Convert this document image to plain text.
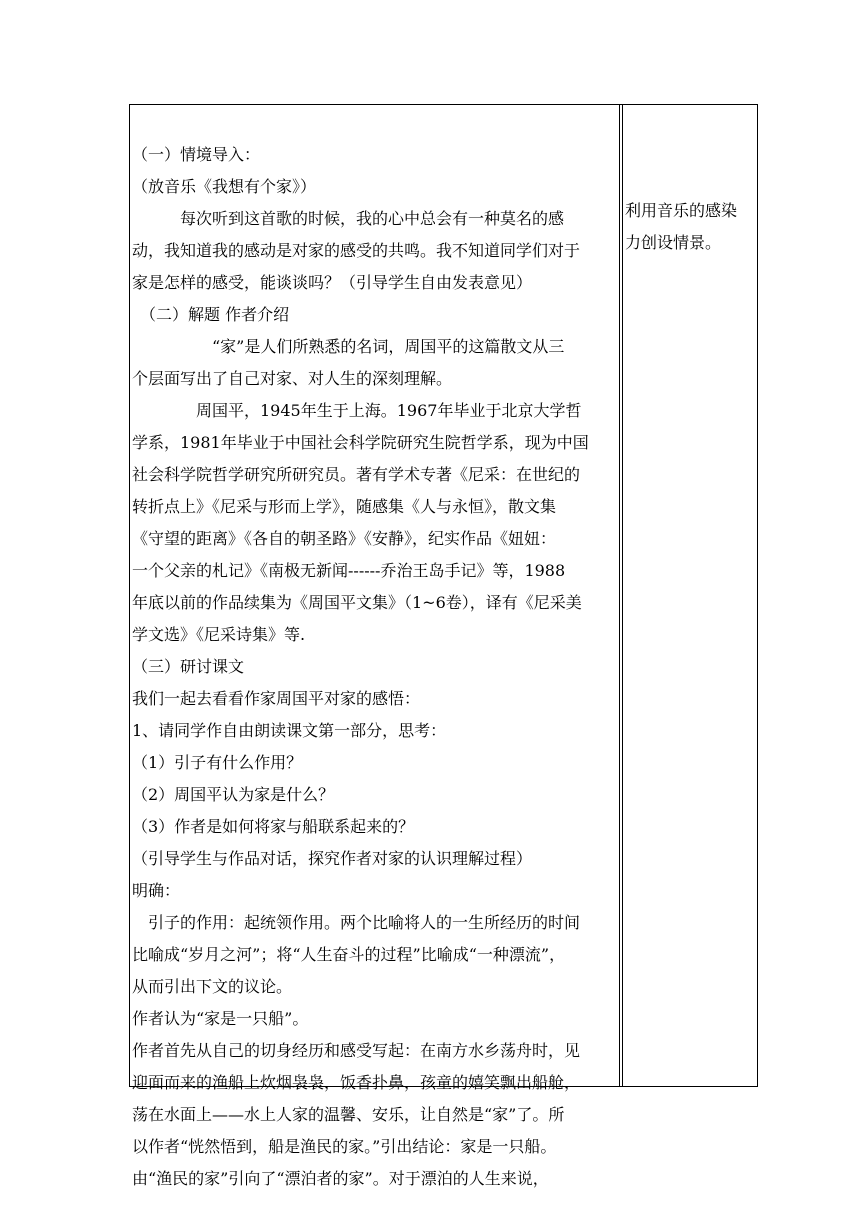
（一）情境导入：
（放音乐《我想有个家》）
　　　每次听到这首歌的时候，我的心中总会有一种莫名的感
动，我知道我的感动是对家的感受的共鸣。我不知道同学们对于
家是怎样的感受，能谈谈吗？（引导学生自由发表意见）
　（二）解题 作者介绍
　　　　　“家”是人们所熟悉的名词，周国平的这篇散文从三
个层面写出了自己对家、对人生的深刻理解。
　　　　周国平，1945年生于上海。1967年毕业于北京大学哲
学系，1981年毕业于中国社会科学院研究生院哲学系，现为中国
社会科学院哲学研究所研究员。著有学术专著《尼采：在世纪的
转折点上》《尼采与形而上学》，随感集《人与永恒》，散文集
《守望的距离》《各自的朝圣路》《安静》，纪实作品《妞妞：
一个父亲的札记》《南极无新闻------乔治王岛手记》等，1988
年底以前的作品续集为《周国平文集》（1~6卷），译有《尼采美
学文选》《尼采诗集》等.
（三）研讨课文
我们一起去看看作家周国平对家的感悟：
1、请同学作自由朗读课文第一部分，思考：
（1）引子有什么作用？
（2）周国平认为家是什么？
（3）作者是如何将家与船联系起来的？
（引导学生与作品对话，探究作者对家的认识理解过程）
明确：
　引子的作用：起统领作用。两个比喻将人的一生所经历的时间
比喻成“岁月之河”；将“人生奋斗的过程”比喻成“一种漂流”，
从而引出下文的议论。
作者认为“家是一只船”。
作者首先从自己的切身经历和感受写起：在南方水乡荡舟时，见
迎面而来的渔船上炊烟袅袅，饭香扑鼻，孩童的嬉笑飘出船舱，
荡在水面上——水上人家的温馨、安乐，让自然是“家”了。所
以作者“恍然悟到，船是渔民的家。”引出结论：家是一只船。
由“渔民的家”引向了“漂泊者的家”。对于漂泊的人生来说，
利用音乐的感染
力创设情景。
